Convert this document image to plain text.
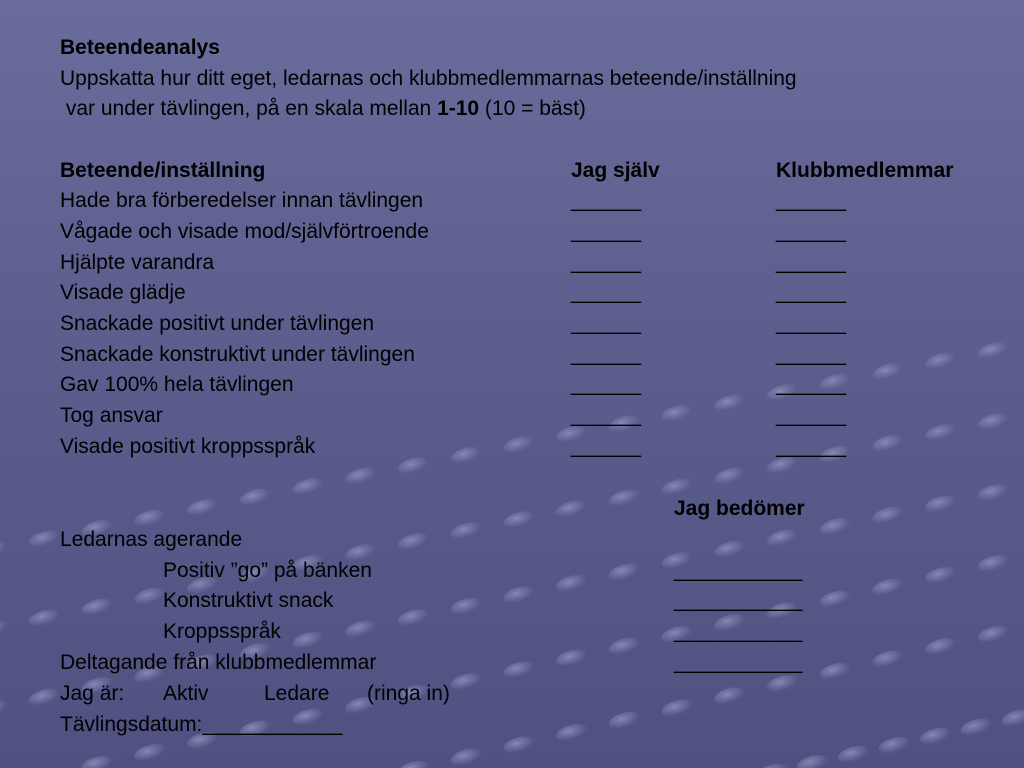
Beteendeanalys
Uppskatta hur ditt eget, ledarnas och klubbmedlemmarnas beteende/inställning
var under tävlingen, på en skala mellan 1-10 (10 = bäst)
Beteende/inställning	Jag själv	Klubbmedlemmar
Hade bra förberedelser innan tävlingen	______	______
Vågade och visade mod/självförtroende	______	______
Hjälpte varandra	______	______
Visade glädje	______	______
Snackade positivt under tävlingen	______	______
Snackade konstruktivt under tävlingen	______	______
Gav 100% hela tävlingen	______	______
Tog ansvar	______	______
Visade positivt kroppsspråk	______	______
Jag bedömer
Ledarnas agerande
Positiv ”go” på bänken	___________
Konstruktivt snack	___________
Kroppsspråk	___________
Deltagande från klubbmedlemmar	___________
Jag är: Aktiv	Ledare (ringa in)
Tävlingsdatum:____________
